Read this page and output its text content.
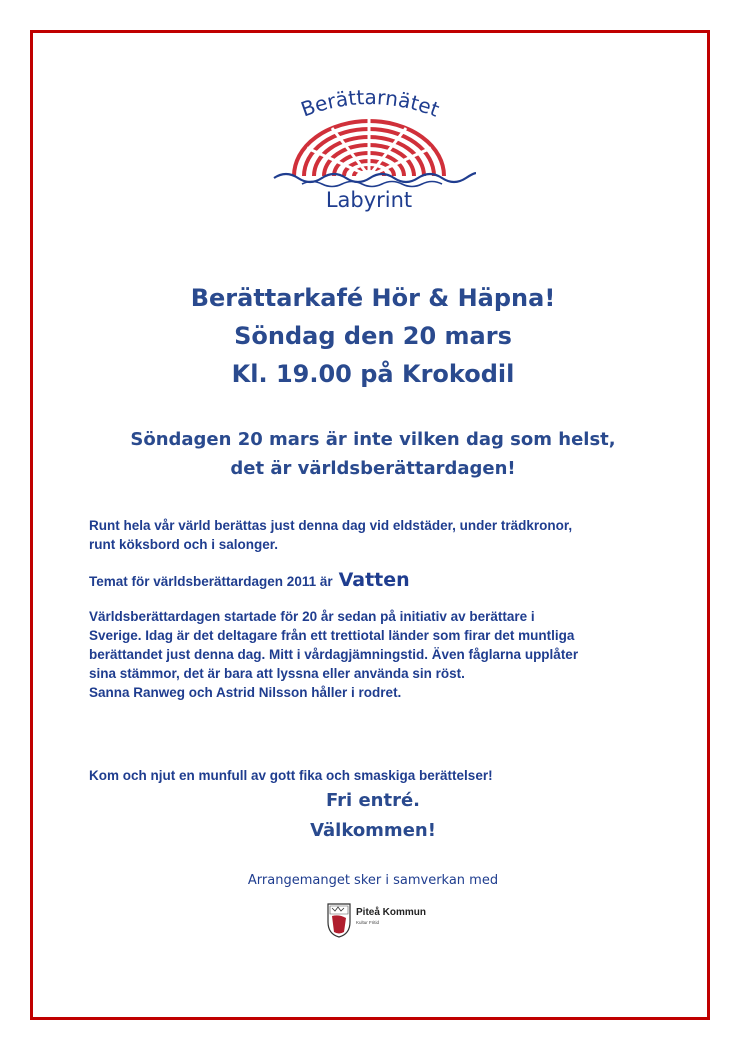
Berättarnätet
Labyrint
Berättarkafé Hör & Häpna!
Söndag den 20 mars
Kl. 19.00 på Krokodil
Söndagen 20 mars är inte vilken dag som helst,
det är världsberättardagen!
Runt hela vår värld berättas just denna dag vid eldstäder, under trädkronor,
runt köksbord och i salonger.
Temat för världsberättardagen 2011 är Vatten
Världsberättardagen startade för 20 år sedan på initiativ av berättare i
Sverige. Idag är det deltagare från ett trettiotal länder som firar det muntliga
berättandet just denna dag. Mitt i vårdagjämningstid. Även fåglarna upplåter
sina stämmor, det är bara att lyssna eller använda sin röst.
Sanna Ranweg och Astrid Nilsson håller i rodret.
Kom och njut en munfull av gott fika och smaskiga berättelser!
Fri entré.
Välkommen!
Arrangemanget sker i samverkan med
Piteå Kommun
Kultur Fritid
